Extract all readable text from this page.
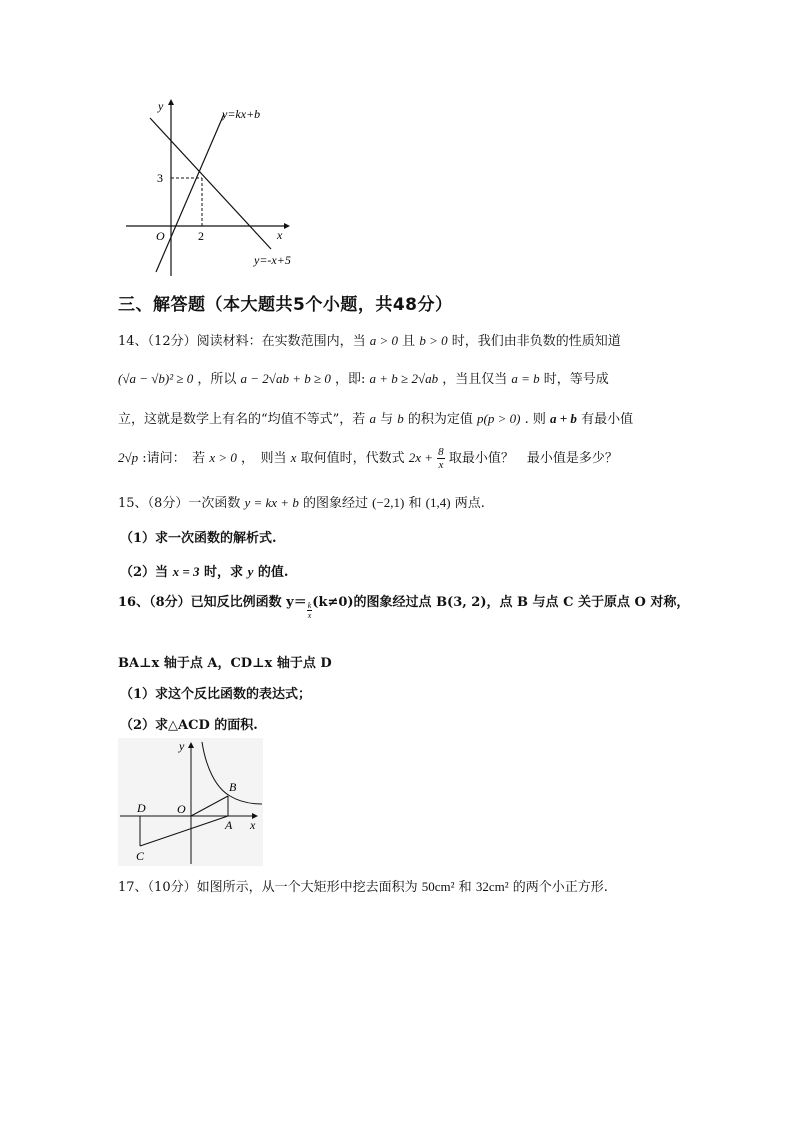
y
x
O
3
2
y=kx+b
y=-x+5
三、解答题（本大题共5个小题，共48分）
14、（12分）阅读材料：在实数范围内，当 a > 0 且 b > 0 时，我们由非负数的性质知道
(√a − √b)² ≥ 0 ，所以 a − 2√ab + b ≥ 0 ，即: a + b ≥ 2√ab ，当且仅当 a = b 时，等号成
立，这就是数学上有名的“均值不等式”，若 a 与 b 的积为定值 p(p > 0) . 则 a + b 有最小值
2√p :请问：　若 x > 0 ，　则当 x 取何值时，代数式 $2x + \frac{8}{x}$ 取最小值？　最小值是多少？
15、（8分）一次函数 y = kx + b 的图象经过 (−2,1) 和 (1,4) 两点.
（1）求一次函数的解析式.
（2）当 x = 3 时，求 y 的值.
16、（8分）已知反比例函数 $y= \frac{k}{x} (k\ne 0)$的图象经过点 B(3, 2)，点 B 与点 C 关于原点 O 对称，
BA⊥x 轴于点 A，CD⊥x 轴于点 D
（1）求这个反比函数的表达式；
（2）求△ACD 的面积.
y
x
O
B
A
D
C
17、（10分）如图所示，从一个大矩形中挖去面积为 50cm² 和 32cm² 的两个小正方形.
